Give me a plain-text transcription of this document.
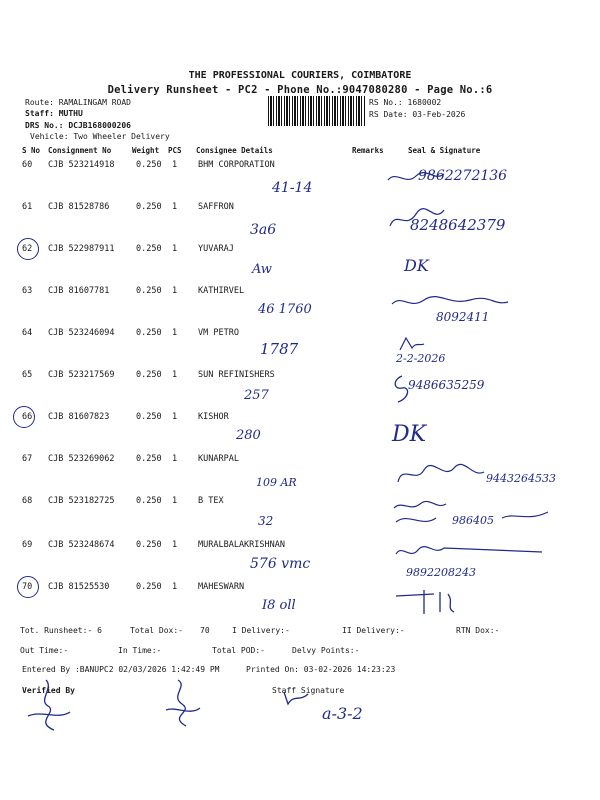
THE PROFESSIONAL COURIERS, COIMBATORE
Delivery Runsheet - PC2 - Phone No.:9047080280 - Page No.:6
Route: RAMALINGAM ROAD
Staff: MUTHU
DRS No.: DCJB168000206
Vehicle: Two Wheeler Delivery
RS No.: 1680002
RS Date: 03-Feb-2026
S No Consignment No	Weight PCS Consignee Details	Remarks	Seal & Signature
60 CJB 523214918	0.250 1 BHM CORPORATION
41-14
9862272136
61 CJB 81528786	0.250 1 SAFFRON
3a6	8248642379
62 CJB 522987911	0.250 1 YUVARAJ
Aw	DK
63 CJB 81607781	0.250 1 KATHIRVEL
46 1760	8092411
64 CJB 523246094	0.250 1 VM PETRO
1787
2-2-2026
65 CJB 523217569	0.250 1 SUN REFINISHERS
257
9486635259
66 CJB 81607823	0.250 1 KISHOR
280	DK
67 CJB 523269062	0.250 1 KUNARPAL
109 AR	9443264533
68 CJB 523182725	0.250 1 B TEX
32	986405
69 CJB 523248674	0.250 1 MURALBALAKRISHNAN
576 vmc
9892208243
70 CJB 81525530	0.250 1 MAHESWARN
I8 oll
Tot. Runsheet:- 6	Total Dox:- 70	I Delivery:-	II Delivery:-	RTN Dox:-
Out Time:-	In Time:-	Total POD:-	Delvy Points:-
Entered By :BANUPC2 02/03/2026 1:42:49 PM	Printed On: 03-02-2026 14:23:23
Verified By	Staff Signature
a-3-2
